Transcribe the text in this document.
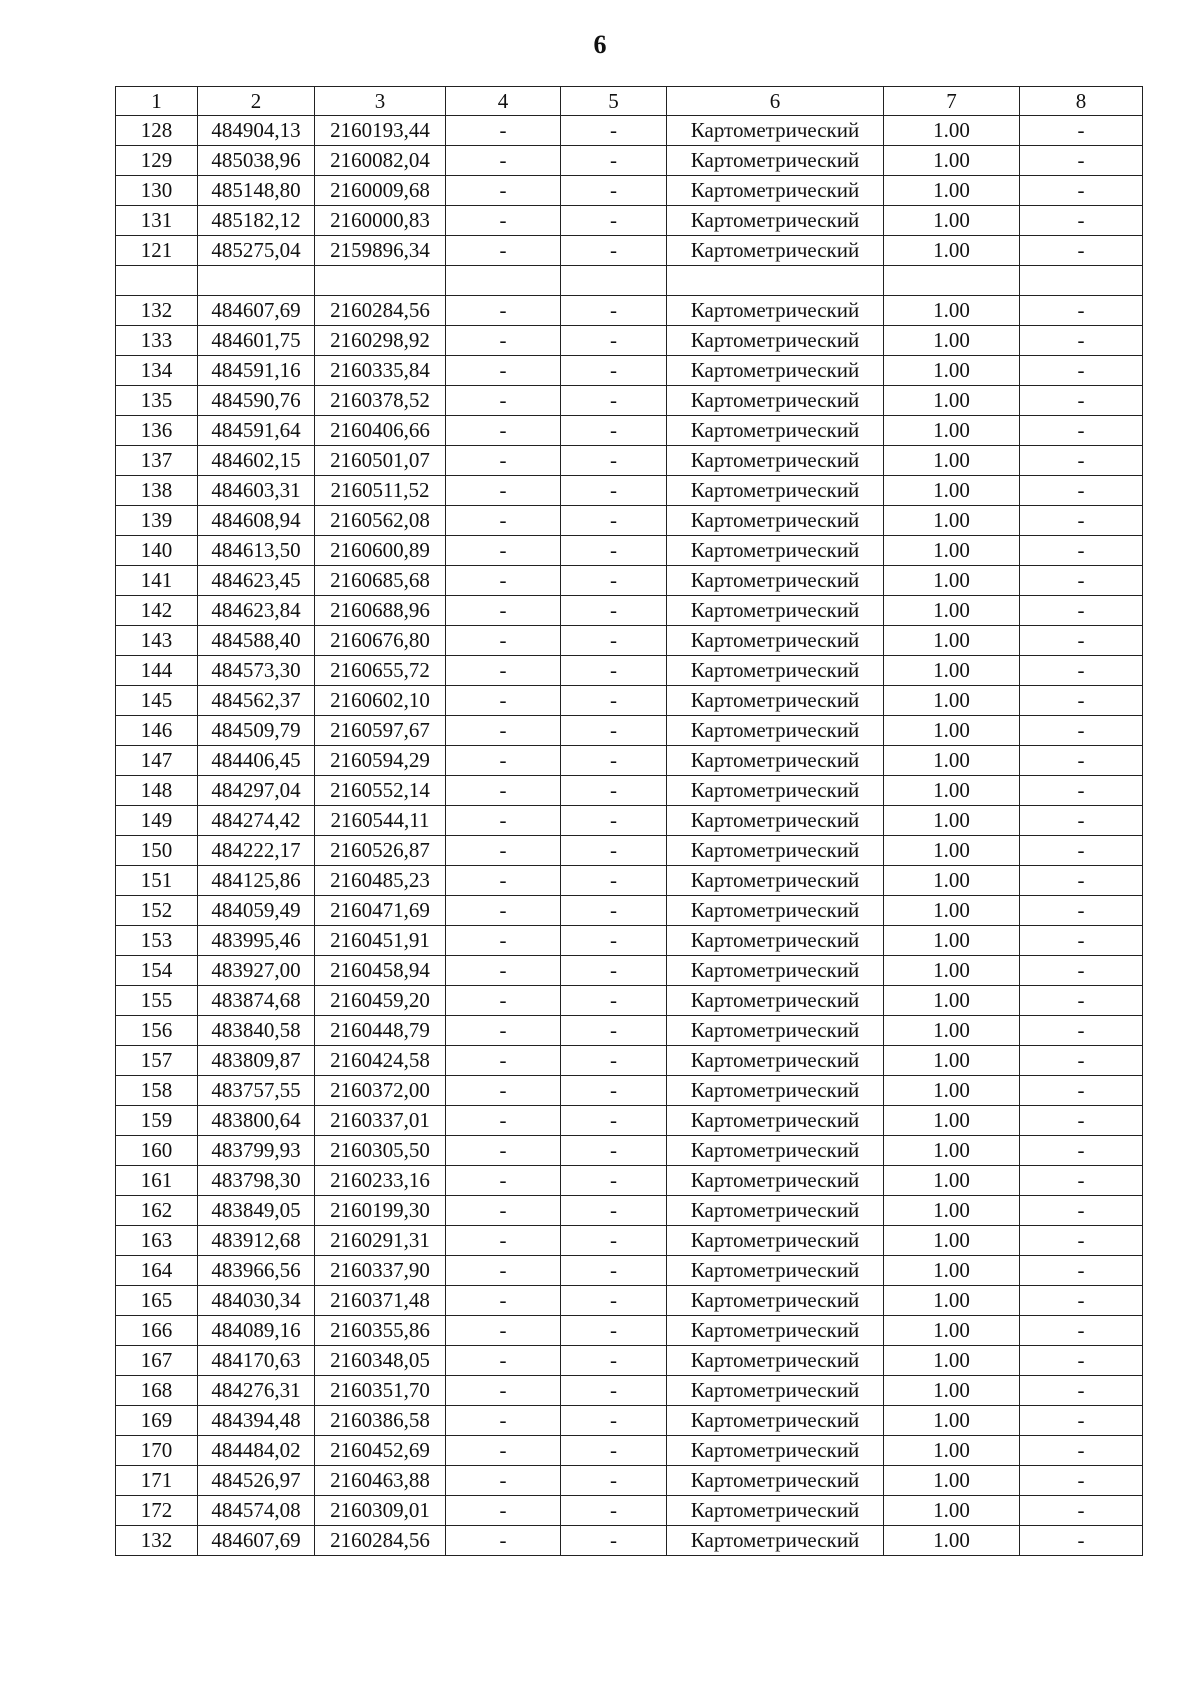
6
1	2	3	4	5	6	7	8
128	484904,13	2160193,44	-	-	Картометрический	1.00	-
129	485038,96	2160082,04	-	-	Картометрический	1.00	-
130	485148,80	2160009,68	-	-	Картометрический	1.00	-
131	485182,12	2160000,83	-	-	Картометрический	1.00	-
121	485275,04	2159896,34	-	-	Картометрический	1.00	-

132	484607,69	2160284,56	-	-	Картометрический	1.00	-
133	484601,75	2160298,92	-	-	Картометрический	1.00	-
134	484591,16	2160335,84	-	-	Картометрический	1.00	-
135	484590,76	2160378,52	-	-	Картометрический	1.00	-
136	484591,64	2160406,66	-	-	Картометрический	1.00	-
137	484602,15	2160501,07	-	-	Картометрический	1.00	-
138	484603,31	2160511,52	-	-	Картометрический	1.00	-
139	484608,94	2160562,08	-	-	Картометрический	1.00	-
140	484613,50	2160600,89	-	-	Картометрический	1.00	-
141	484623,45	2160685,68	-	-	Картометрический	1.00	-
142	484623,84	2160688,96	-	-	Картометрический	1.00	-
143	484588,40	2160676,80	-	-	Картометрический	1.00	-
144	484573,30	2160655,72	-	-	Картометрический	1.00	-
145	484562,37	2160602,10	-	-	Картометрический	1.00	-
146	484509,79	2160597,67	-	-	Картометрический	1.00	-
147	484406,45	2160594,29	-	-	Картометрический	1.00	-
148	484297,04	2160552,14	-	-	Картометрический	1.00	-
149	484274,42	2160544,11	-	-	Картометрический	1.00	-
150	484222,17	2160526,87	-	-	Картометрический	1.00	-
151	484125,86	2160485,23	-	-	Картометрический	1.00	-
152	484059,49	2160471,69	-	-	Картометрический	1.00	-
153	483995,46	2160451,91	-	-	Картометрический	1.00	-
154	483927,00	2160458,94	-	-	Картометрический	1.00	-
155	483874,68	2160459,20	-	-	Картометрический	1.00	-
156	483840,58	2160448,79	-	-	Картометрический	1.00	-
157	483809,87	2160424,58	-	-	Картометрический	1.00	-
158	483757,55	2160372,00	-	-	Картометрический	1.00	-
159	483800,64	2160337,01	-	-	Картометрический	1.00	-
160	483799,93	2160305,50	-	-	Картометрический	1.00	-
161	483798,30	2160233,16	-	-	Картометрический	1.00	-
162	483849,05	2160199,30	-	-	Картометрический	1.00	-
163	483912,68	2160291,31	-	-	Картометрический	1.00	-
164	483966,56	2160337,90	-	-	Картометрический	1.00	-
165	484030,34	2160371,48	-	-	Картометрический	1.00	-
166	484089,16	2160355,86	-	-	Картометрический	1.00	-
167	484170,63	2160348,05	-	-	Картометрический	1.00	-
168	484276,31	2160351,70	-	-	Картометрический	1.00	-
169	484394,48	2160386,58	-	-	Картометрический	1.00	-
170	484484,02	2160452,69	-	-	Картометрический	1.00	-
171	484526,97	2160463,88	-	-	Картометрический	1.00	-
172	484574,08	2160309,01	-	-	Картометрический	1.00	-
132	484607,69	2160284,56	-	-	Картометрический	1.00	-
